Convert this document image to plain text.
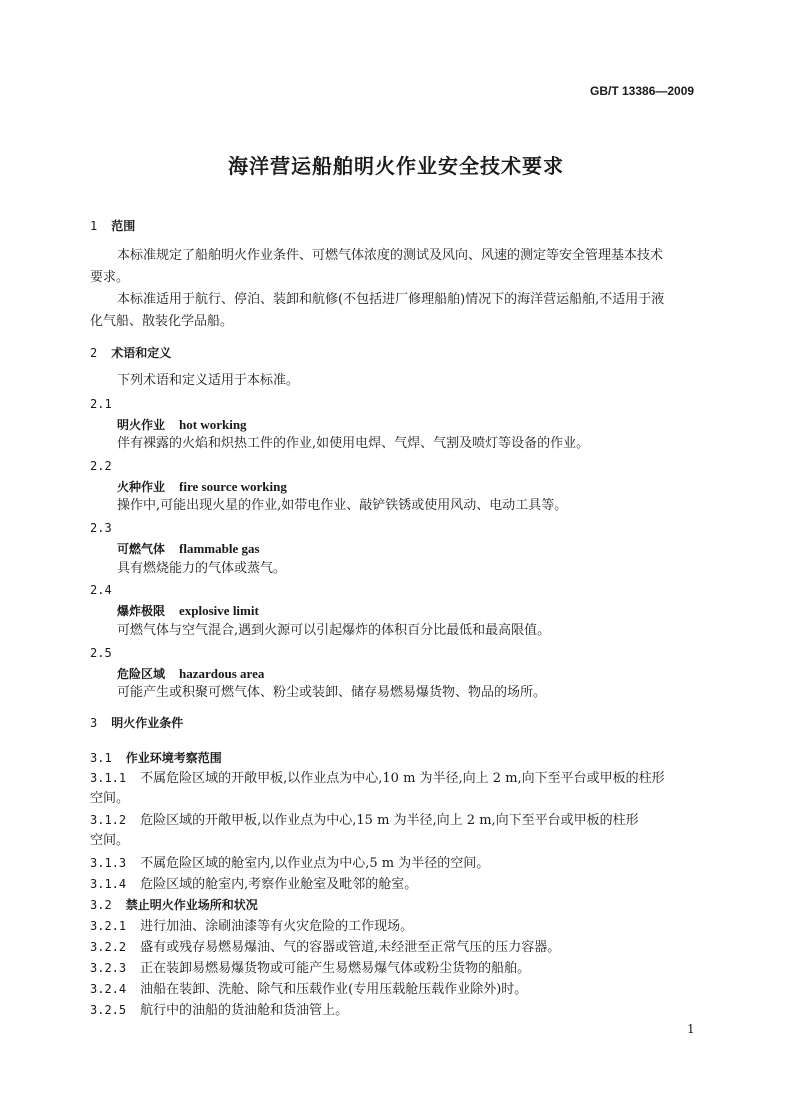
GB/T 13386—2009
海洋营运船舶明火作业安全技术要求
1 范围
本标准规定了船舶明火作业条件、可燃气体浓度的测试及风向、风速的测定等安全管理基本技术
要求。
本标准适用于航行、停泊、装卸和航修(不包括进厂修理船舶)情况下的海洋营运船舶,不适用于液
化气船、散装化学品船。
2 术语和定义
下列术语和定义适用于本标准。
2.1
明火作业 hot working
伴有裸露的火焰和炽热工件的作业,如使用电焊、气焊、气割及喷灯等设备的作业。
2.2
火种作业 fire source working
操作中,可能出现火星的作业,如带电作业、敲铲铁锈或使用风动、电动工具等。
2.3
可燃气体 flammable gas
具有燃烧能力的气体或蒸气。
2.4
爆炸极限 explosive limit
可燃气体与空气混合,遇到火源可以引起爆炸的体积百分比最低和最高限值。
2.5
危险区域 hazardous area
可能产生或积聚可燃气体、粉尘或装卸、储存易燃易爆货物、物品的场所。
3 明火作业条件
3.1 作业环境考察范围
3.1.1 不属危险区域的开敞甲板,以作业点为中心,10 m 为半径,向上 2 m,向下至平台或甲板的柱形
空间。
3.1.2 危险区域的开敞甲板,以作业点为中心,15 m 为半径,向上 2 m,向下至平台或甲板的柱形
空间。
3.1.3 不属危险区域的舱室内,以作业点为中心,5 m 为半径的空间。
3.1.4 危险区域的舱室内,考察作业舱室及毗邻的舱室。
3.2 禁止明火作业场所和状况
3.2.1 进行加油、涂刷油漆等有火灾危险的工作现场。
3.2.2 盛有或残存易燃易爆油、气的容器或管道,未经泄至正常气压的压力容器。
3.2.3 正在装卸易燃易爆货物或可能产生易燃易爆气体或粉尘货物的船舶。
3.2.4 油船在装卸、洗舱、除气和压载作业(专用压载舱压载作业除外)时。
3.2.5 航行中的油船的货油舱和货油管上。
1
